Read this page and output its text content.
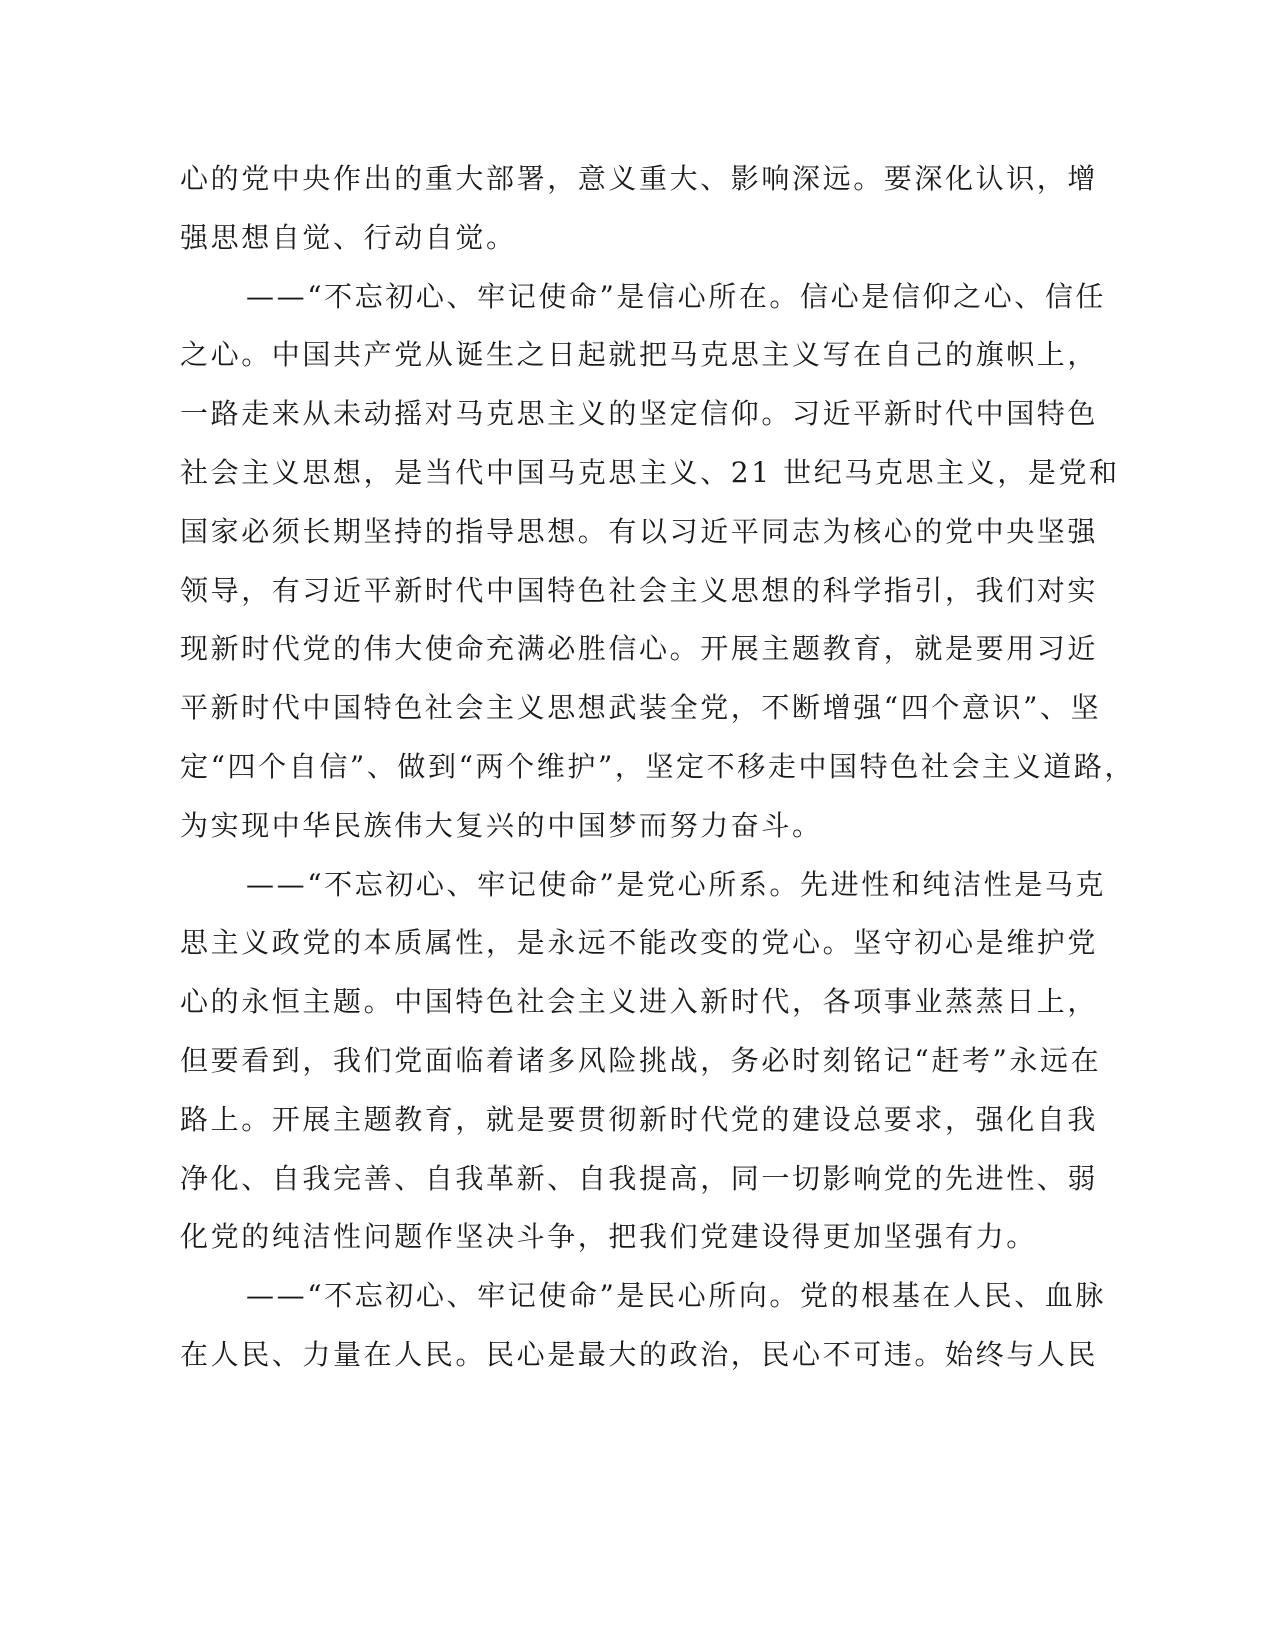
心的党中央作出的重大部署，意义重大、影响深远。要深化认识，增
强思想自觉、行动自觉。
——“不忘初心、牢记使命”是信心所在。信心是信仰之心、信任
之心。中国共产党从诞生之日起就把马克思主义写在自己的旗帜上，
一路走来从未动摇对马克思主义的坚定信仰。习近平新时代中国特色
社会主义思想，是当代中国马克思主义、21 世纪马克思主义，是党和
国家必须长期坚持的指导思想。有以习近平同志为核心的党中央坚强
领导，有习近平新时代中国特色社会主义思想的科学指引，我们对实
现新时代党的伟大使命充满必胜信心。开展主题教育，就是要用习近
平新时代中国特色社会主义思想武装全党，不断增强“四个意识”、坚
定“四个自信”、做到“两个维护”，坚定不移走中国特色社会主义道路，
为实现中华民族伟大复兴的中国梦而努力奋斗。
——“不忘初心、牢记使命”是党心所系。先进性和纯洁性是马克
思主义政党的本质属性，是永远不能改变的党心。坚守初心是维护党
心的永恒主题。中国特色社会主义进入新时代，各项事业蒸蒸日上，
但要看到，我们党面临着诸多风险挑战，务必时刻铭记“赶考”永远在
路上。开展主题教育，就是要贯彻新时代党的建设总要求，强化自我
净化、自我完善、自我革新、自我提高，同一切影响党的先进性、弱
化党的纯洁性问题作坚决斗争，把我们党建设得更加坚强有力。
——“不忘初心、牢记使命”是民心所向。党的根基在人民、血脉
在人民、力量在人民。民心是最大的政治，民心不可违。始终与人民
